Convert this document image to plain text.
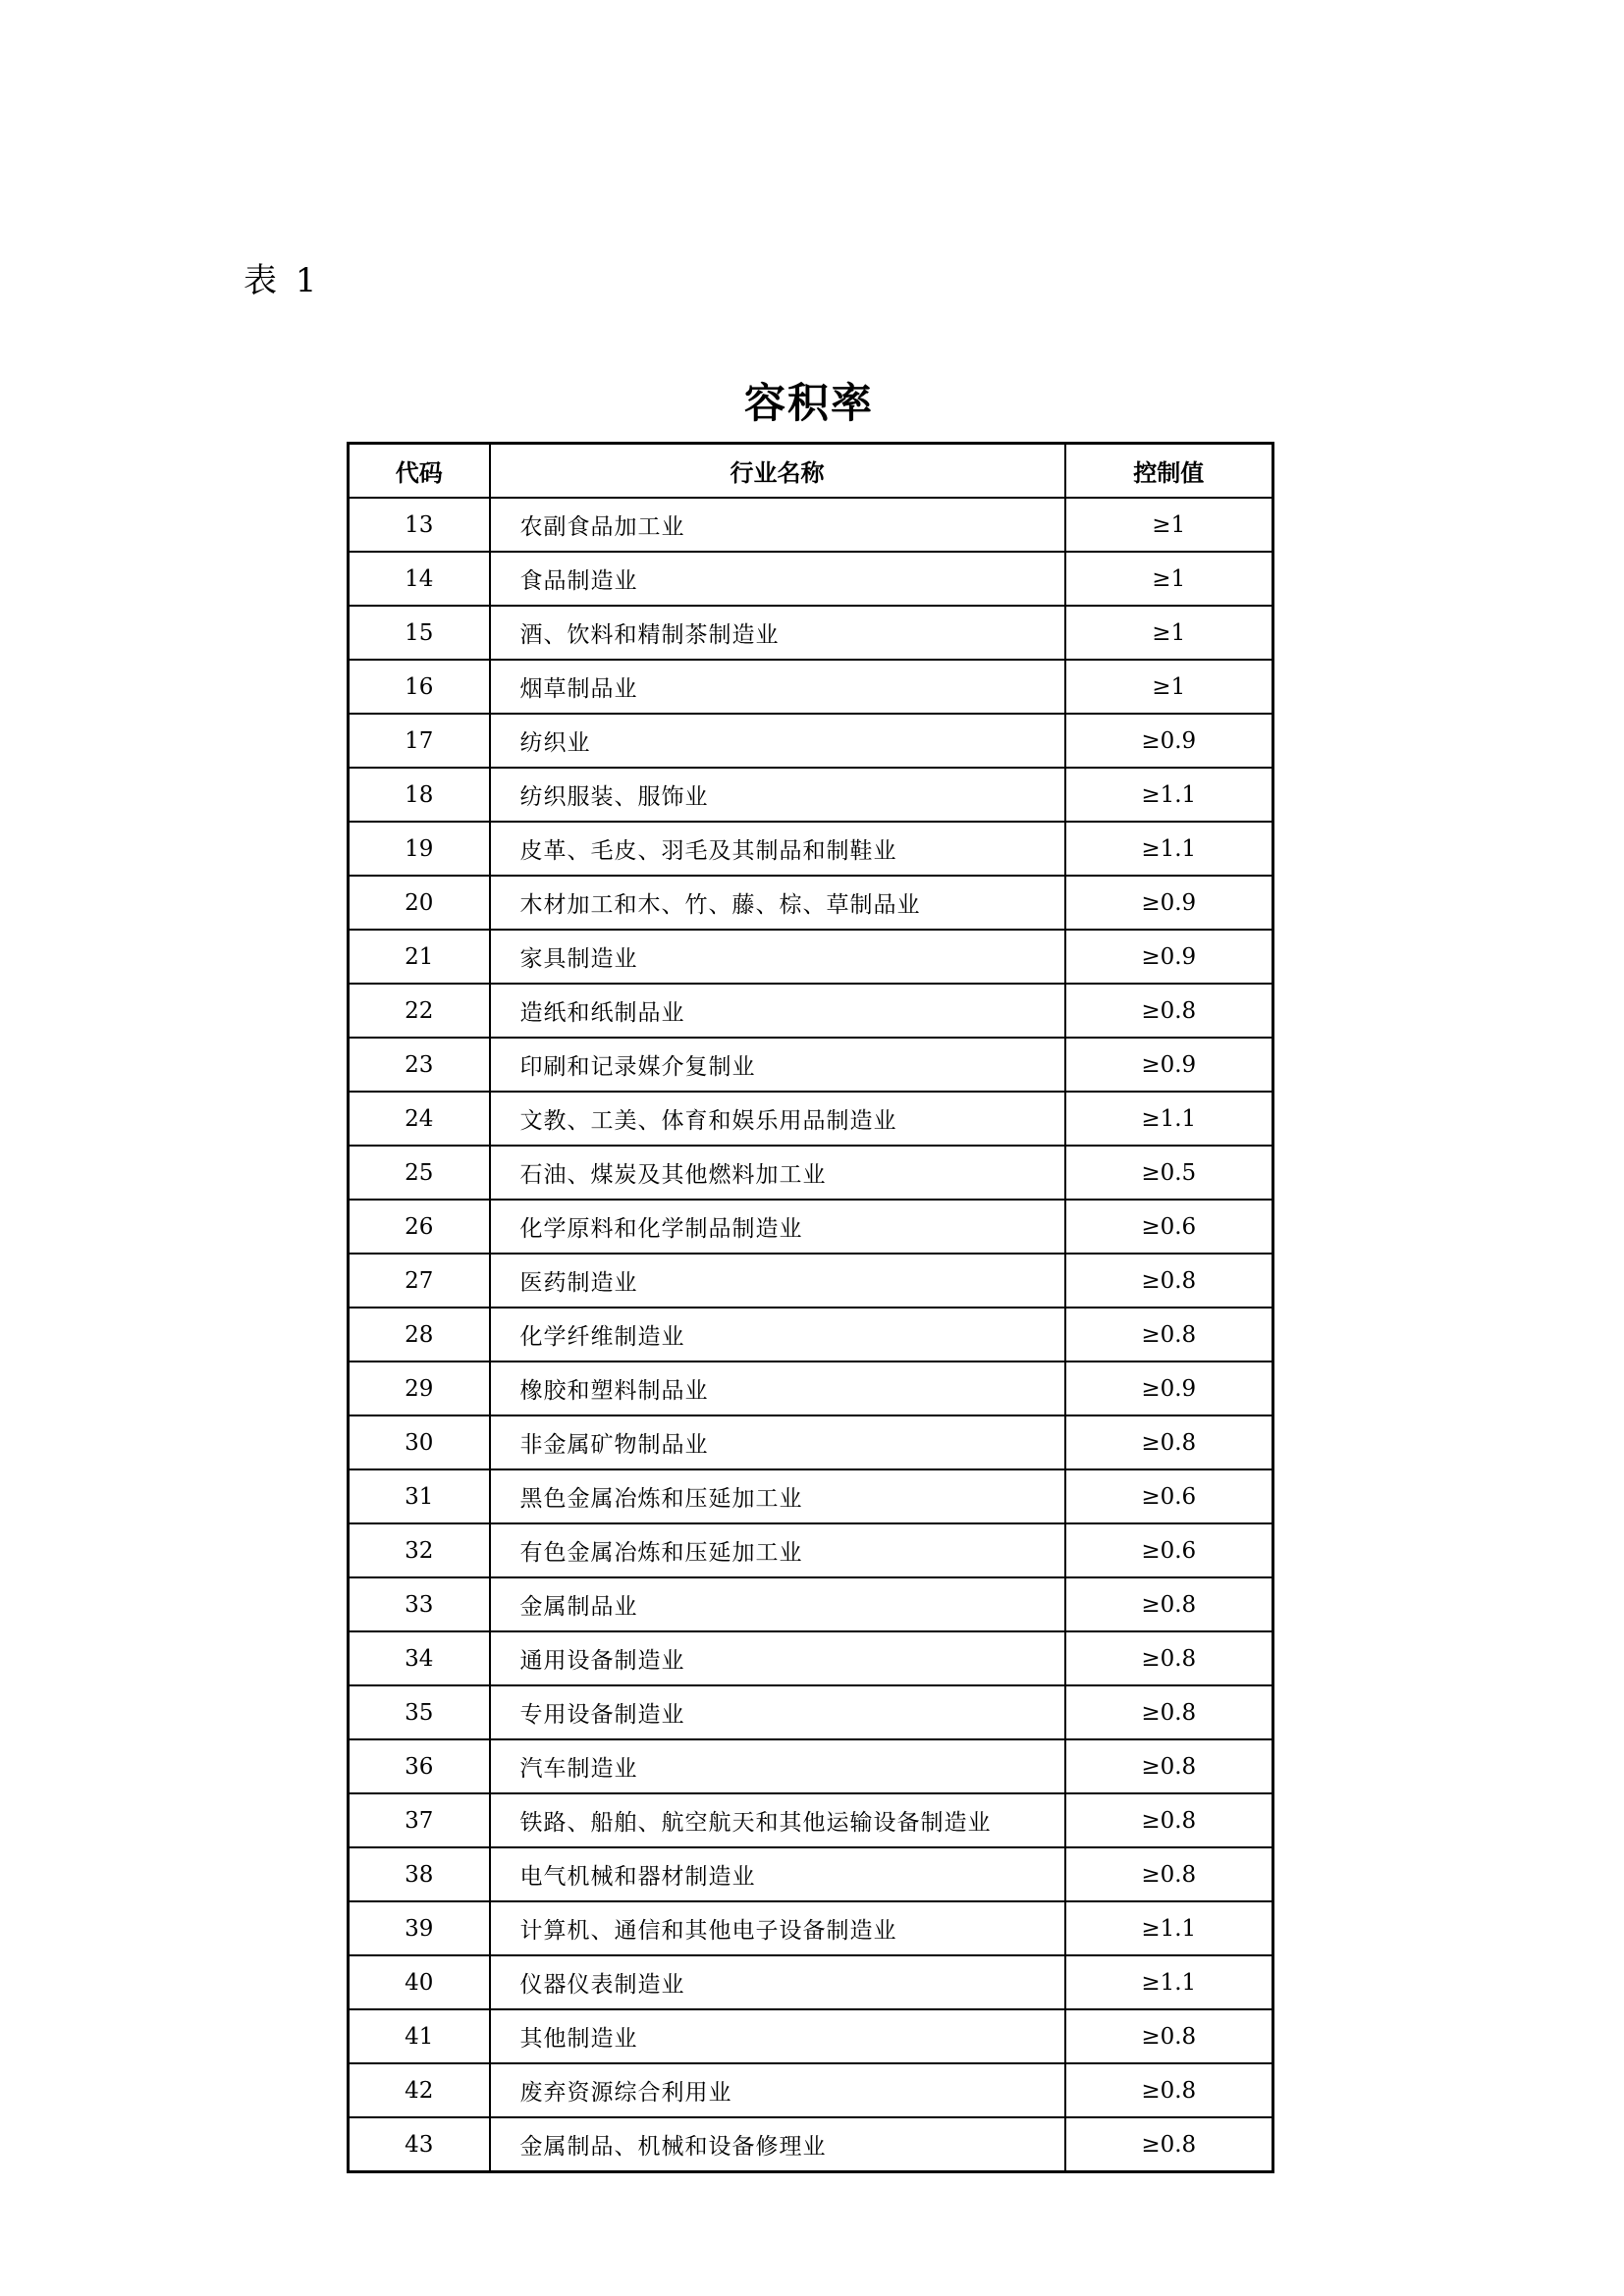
表 1
容积率
代码	行业名称	控制值
13	农副食品加工业	≥1
14	食品制造业	≥1
15	酒、饮料和精制茶制造业	≥1
16	烟草制品业	≥1
17	纺织业	≥0.9
18	纺织服装、服饰业	≥1.1
19	皮革、毛皮、羽毛及其制品和制鞋业	≥1.1
20	木材加工和木、竹、藤、棕、草制品业	≥0.9
21	家具制造业	≥0.9
22	造纸和纸制品业	≥0.8
23	印刷和记录媒介复制业	≥0.9
24	文教、工美、体育和娱乐用品制造业	≥1.1
25	石油、煤炭及其他燃料加工业	≥0.5
26	化学原料和化学制品制造业	≥0.6
27	医药制造业	≥0.8
28	化学纤维制造业	≥0.8
29	橡胶和塑料制品业	≥0.9
30	非金属矿物制品业	≥0.8
31	黑色金属冶炼和压延加工业	≥0.6
32	有色金属冶炼和压延加工业	≥0.6
33	金属制品业	≥0.8
34	通用设备制造业	≥0.8
35	专用设备制造业	≥0.8
36	汽车制造业	≥0.8
37	铁路、船舶、航空航天和其他运输设备制造业	≥0.8
38	电气机械和器材制造业	≥0.8
39	计算机、通信和其他电子设备制造业	≥1.1
40	仪器仪表制造业	≥1.1
41	其他制造业	≥0.8
42	废弃资源综合利用业	≥0.8
43	金属制品、机械和设备修理业	≥0.8
